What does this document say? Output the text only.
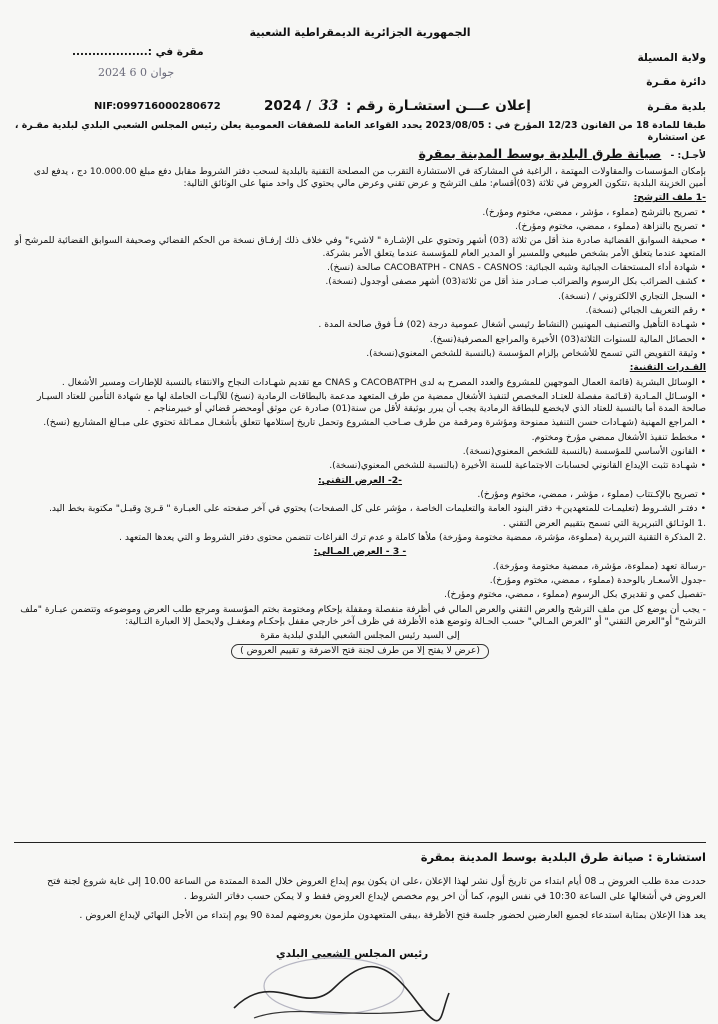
الجمهورية الجزائرية الديمقراطية الشعبية
ولاية المسيلة
دائرة مقـرة
بلدية مقـرة
مقرة في :...................
2024 جوان 0 6
NIF:099716000280672	إعلان عـــن استشـارة رقم : 33 / 2024
طبقا للمادة 18 من القانون 12/23 المؤرخ في : 2023/08/05 يحدد القواعد العامة للصفقات العمومية يعلن رئيس المجلس الشعبي البلدي لبلدية مقـرة ، عن استشارة
لأجـل: - صيانة طرق البلدية بوسط المدينة بمقرة

بإمكان المؤسسات والمقاولات المهتمة ، الراغبة في المشاركة في الاستشارة التقرب من المصلحة التقنية بالبلدية لسحب دفتر الشروط مقابل دفع مبلغ 10.000.00 دج ، يدفع لدى أمين الخزينة البلدية ،تتكون العروض في ثلاثة (03)أقسام: ملف الترشح و عرض تقني وعرض مالي يحتوي كل واحد منها على الوثائق التالية:

-1 ملف الترشح:

• تصريح بالترشح (مملوء ، مؤشر ، ممضي، مختوم ومؤرخ).

• تصريح بالنزاهة (مملوء ، ممضي، مختوم ومؤرخ).

• صحيفة السوابق القضائية صادرة منذ أقل من ثلاثة (03) أشهر وتحتوي على الإشـارة " لاشيء" وفي خلاف ذلك إرفـاق نسخة من الحكم القضائي وصحيفة السوابق القضائية للمرشح أو المتعهد عندما يتعلق الأمر بشخص طبيعي وللمسير أو المدير العام للمؤسسة عندما يتعلق الأمر بشركة.

• شهادة أداء المستحقات الجبائية وشبه الجبائية: CACOBATPH - CNAS - CASNOS صالحة (نسخ).

• كشف الضرائب بكل الرسوم والضرائب صـادر منذ أقل من ثلاثة(03) أشهر مصفى أوجدول (نسخة).

• السجل التجاري الالكتروني / (نسخة).

• رقم التعريف الجبائي (نسخة).

• شهـادة التأهيل والتصنيف المهنيين (النشاط رئيسي أشغال عمومية درجة (02) فـأ فوق صالحة المدة .

• الحصائل المالية للسنوات الثلاثة(03) الأخيرة والمراجع المصرفية(نسخ).

• وثيقة التفويض التي تسمح للأشخاص بإلزام المؤسسة (بالنسبة للشخص المعنوي(نسخة).

القـدرات التقنية:

• الوسائل البشرية (قائمة العمال الموجهين للمشروع والعدد المصرح به لدى CACOBATPH و CNAS مع تقديم شهـادات النجاح والانتقاء بالنسبة للإطارات ومسير الأشغال .

• الوسـائل المـادية (قـائمة مفصلة للعتـاد المخصص لتنفيذ الأشغال ممضية من طرف المتعهد مدعمة بالبطاقات الرمادية (نسخ) للآليـات الحاملة لها مع شهادة التأمين للعتاد السيـار صالحة المدة أما بالنسبة للعتاد الذي لايخضع للبطاقة الرمادية يجب أن يبرر بوثيقة لأقل من سنة(01) صادرة عن موثق أومحضر قضائي أو خبيرمناجم .

• المراجع المهنية (شهـادات حسن التنفيذ ممنوحة ومؤشرة ومرقمة من طرف صـاحب المشروع وتحمل تاريخ إستلامها تتعلق بأشغـال ممـاثلة تحتوي على مبـالغ المشاريع (نسخ).

• مخطط تنفيذ الأشغال ممضي مؤرخ ومختوم.

• القانون الأساسي للمؤسسة (بالنسبة للشخص المعنوي(نسخة).

• شهـادة تثبت الإيداع القانوني لحسابات الاجتماعية للسنة الأخيرة (بالنسبة للشخص المعنوي(نسخة).

-2- العرض التقني:

• تصريح بالإكـتتاب (مملوء ، مؤشر ، ممضي، مختوم ومؤرخ).

• دفتـر الشـروط (تعليمـات للمتعهدين+ دفتر البنود العامة والتعليمات الخاصة ، مؤشر على كل الصفحات) يحتوي في آخر صفحته على العبـارة " قـرئ وقبـل" مكتوبة بخط اليد.

.1 الوثـائق التبريرية التي تسمح بتقييم العرض التقني .

.2 المذكرة التقنية التبريرية (مملوءة، مؤشرة، ممضية مختومة ومؤرخة) ملأها كاملة و عدم ترك الفراغات تتضمن محتوى دفتر الشروط و التي يعدها المتعهد .

- 3 - العرض المـالي:

-رسالة تعهد (مملوءة، مؤشرة، ممضية مختومة ومؤرخة).

-جدول الأسعـار بالوحدة (مملوء ، ممضي، مختوم ومؤرخ).

-تفصيل كمي و تقديري بكل الرسوم (مملوء ، ممضي، مختوم ومؤرخ).

- يجب أن يوضع كل من ملف الترشح والعرض التقني والعرض المالي في أظرفة منفصلة ومقفلة بإحكام ومختومة بختم المؤسسة ومرجع طلب العرض وموضوعه وتتضمن عبـارة "ملف الترشح" أو"العرض التقني" أو "العرض المـالي" حسب الحـالة وتوضع هذه الأظرفة في ظرف آخر خارجي مقفل بإحكـام ومغفـل ولايحمل إلا العبارة التـالية:

إلى السيد رئيس المجلس الشعبي البلدي لبلدية مقرة

(عرض لا يفتح إلا من طرف لجنة فتح الاضرفة و تقييم العروض )

استشارة : صيانة طرق البلدية بوسط المدينة بمقرة

حددت مدة طلب العروض بـ 08 أيام ابتداء من تاريخ أول نشر لهذا الإعلان ،على ان يكون يوم إيداع العروض خلال المدة الممتدة من الساعة 10.00 إلى غاية شروع لجنة فتح العروض في أشغالها على الساعة 10:30 في نفس اليوم، كما أن اخر يوم مخصص لإيداع العروض فقط و لا يمكن حسب دفاتر الشروط .

يعد هذا الإعلان بمثابة استدعاء لجميع العارضين لحضور جلسة فتح الأظرفة ،يبقى المتعهدون ملزمون بعروضهم لمدة 90 يوم إبتداء من الأجل النهائي لإيداع العروض .

رئيس المجلس الشعبي البلدي
